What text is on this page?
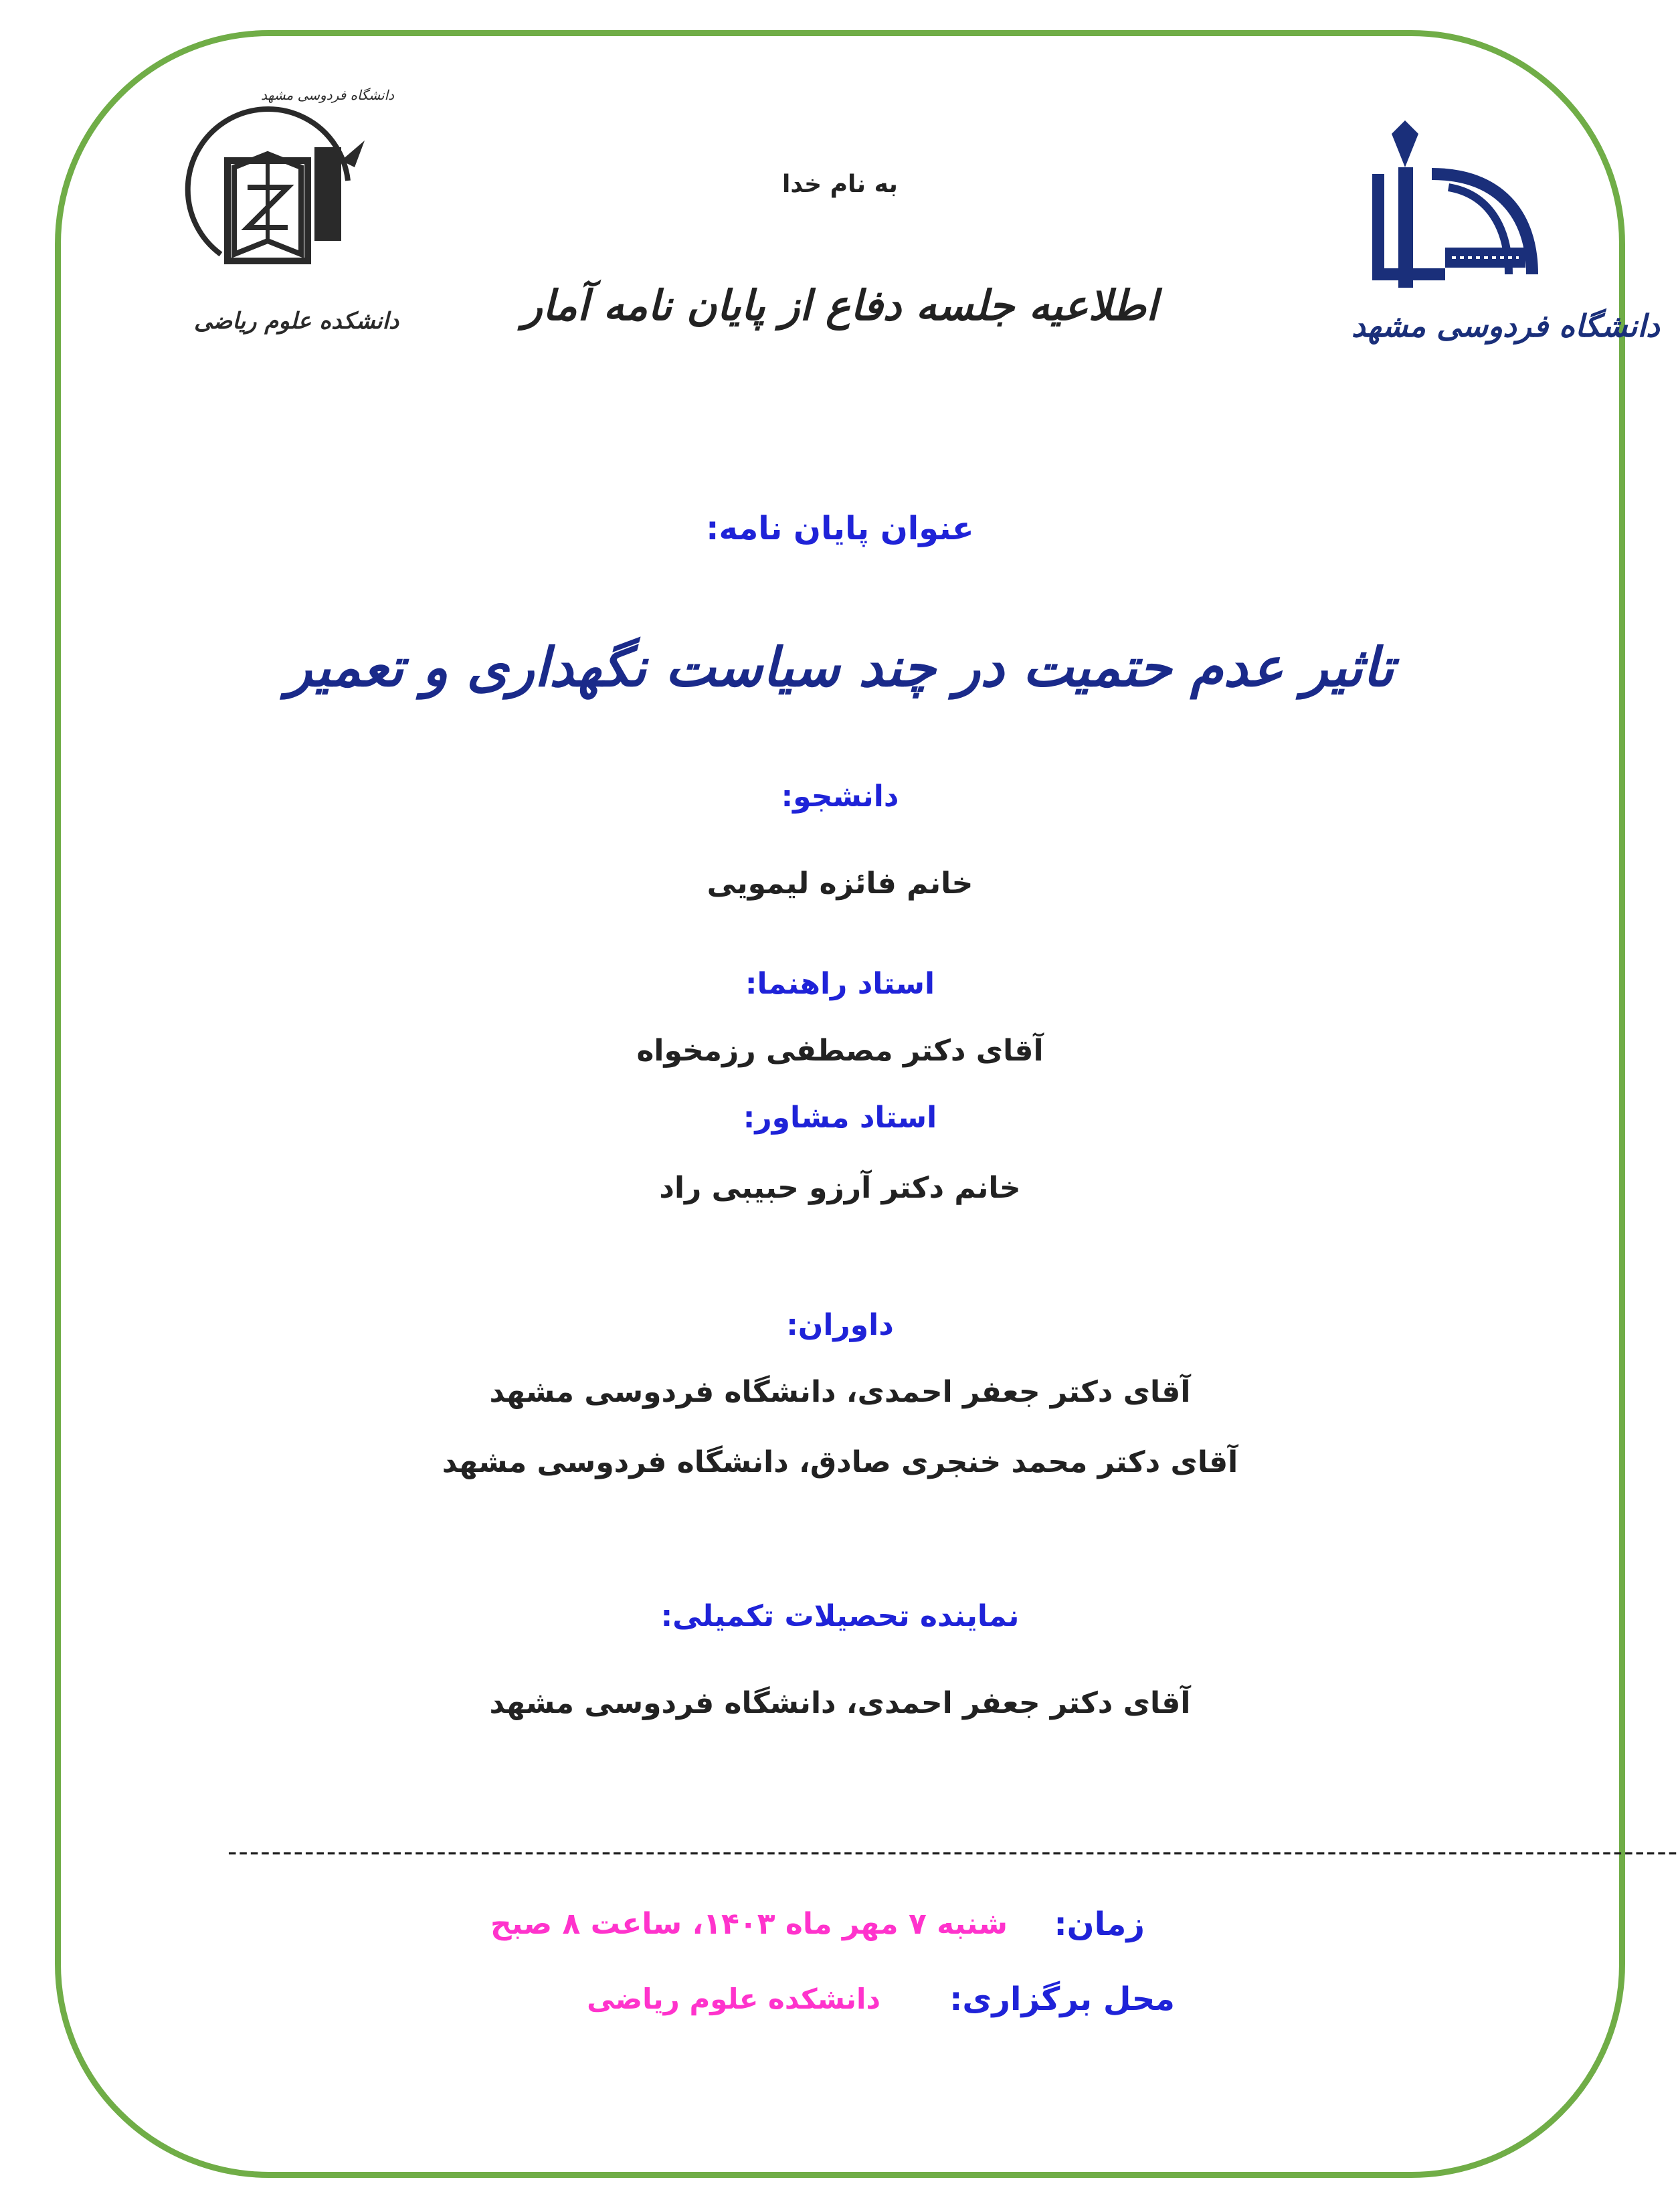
دانشکده علوم ریاضی
دانشگاه فردوسی مشهد
دانشگاه فردوسی مشهد
به نام خدا
اطلاعیه جلسه دفاع از پایان نامه آمار
عنوان پایان نامه:
تاثیر عدم حتمیت در چند سیاست نگهداری و تعمیر
دانشجو:
خانم فائزه لیمویی
استاد راهنما:
آقای دکتر مصطفی رزمخواه
استاد مشاور:
خانم دکتر آرزو حبیبی راد
داوران:
آقای دکتر جعفر احمدی، دانشگاه فردوسی مشهد
آقای دکتر محمد خنجری صادق، دانشگاه فردوسی مشهد
نماینده تحصیلات تکمیلی:
آقای دکتر جعفر احمدی، دانشگاه فردوسی مشهد
------------------------------------------------------------------------------------------------------------------------------------
زمان:
شنبه ۷ مهر ماه ۱۴۰۳، ساعت ۸ صبح
محل برگزاری:
دانشکده علوم ریاضی
